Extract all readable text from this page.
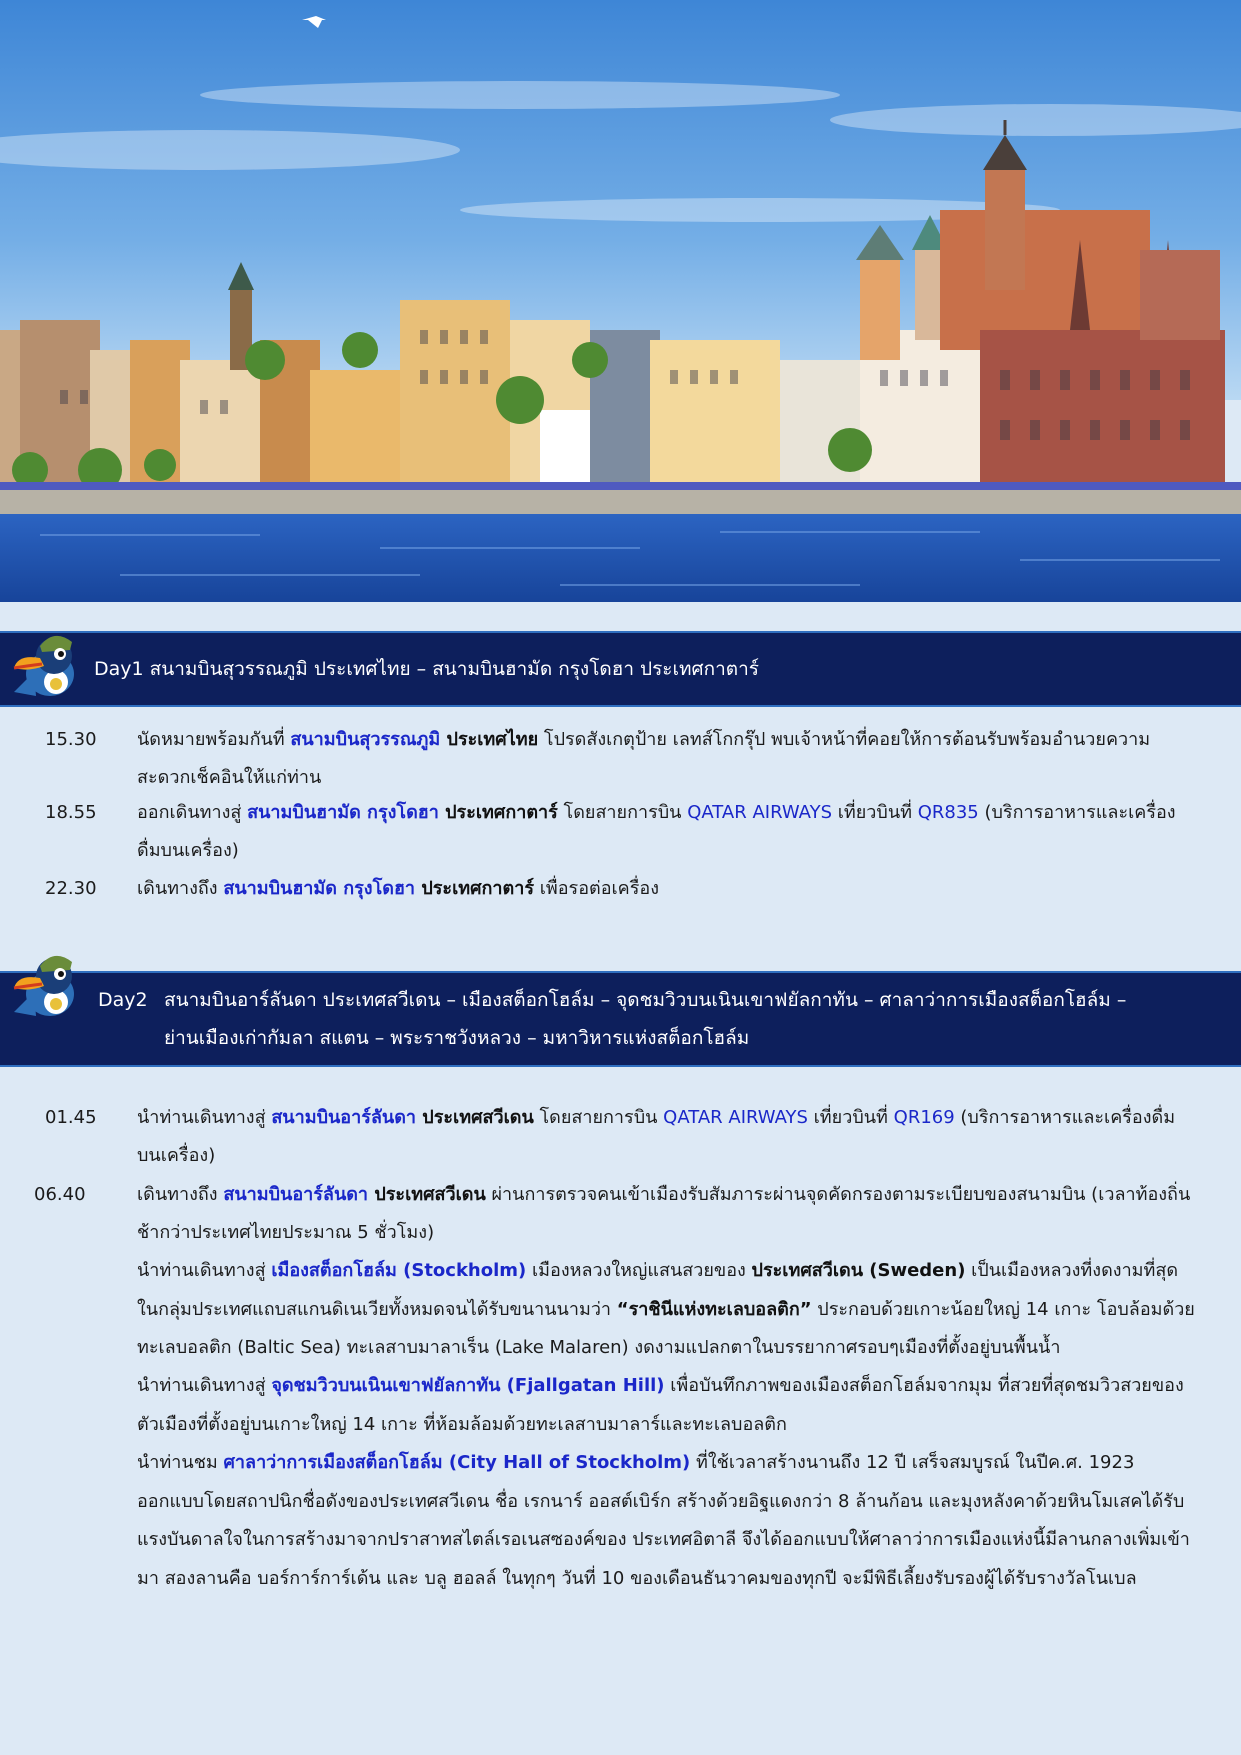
Day1 สนามบินสุวรรณภูมิ ประเทศไทย – สนามบินฮามัด กรุงโดฮา ประเทศกาตาร์
15.30 นัดหมายพร้อมกันที่ สนามบินสุวรรณภูมิ ประเทศไทย โปรดสังเกตุป้าย เลทส์โกกรุ๊ป พบเจ้าหน้าที่คอยให้การต้อนรับพร้อมอำนวยความสะดวกเช็คอินให้แก่ท่าน
18.55 ออกเดินทางสู่ สนามบินฮามัด กรุงโดฮา ประเทศกาตาร์ โดยสายการบิน QATAR AIRWAYS เที่ยวบินที่ QR835 (บริการอาหารและเครื่องดื่มบนเครื่อง)
22.30 เดินทางถึง สนามบินฮามัด กรุงโดฮา ประเทศกาตาร์ เพื่อรอต่อเครื่อง
Day2 สนามบินอาร์ลันดา ประเทศสวีเดน – เมืองสต็อกโฮล์ม – จุดชมวิวบนเนินเขาฟยัลกาทัน – ศาลาว่าการเมืองสต็อกโฮล์ม –
ย่านเมืองเก่ากัมลา สแตน – พระราชวังหลวง – มหาวิหารแห่งสต็อกโฮล์ม
01.45 นำท่านเดินทางสู่ สนามบินอาร์ลันดา ประเทศสวีเดน โดยสายการบิน QATAR AIRWAYS เที่ยวบินที่ QR169 (บริการอาหารและเครื่องดื่มบนเครื่อง)
06.40	เดินทางถึง สนามบินอาร์ลันดา ประเทศสวีเดน ผ่านการตรวจคนเข้าเมืองรับสัมภาระผ่านจุดคัดกรองตามระเบียบของสนามบิน (เวลาท้องถิ่นช้ากว่าประเทศไทยประมาณ 5 ชั่วโมง)
นำท่านเดินทางสู่ เมืองสต็อกโฮล์ม (Stockholm) เมืองหลวงใหญ่แสนสวยของ ประเทศสวีเดน (Sweden) เป็นเมืองหลวงที่งดงามที่สุดในกลุ่มประเทศแถบสแกนดิเนเวียทั้งหมดจนได้รับขนานนามว่า “ราชินีแห่งทะเลบอลติก” ประกอบด้วยเกาะน้อยใหญ่ 14 เกาะ โอบล้อมด้วยทะเลบอลติก (Baltic Sea) ทะเลสาบมาลาเร็น (Lake Malaren) งดงามแปลกตาในบรรยากาศรอบๆเมืองที่ตั้งอยู่บนพื้นน้ำ
นำท่านเดินทางสู่ จุดชมวิวบนเนินเขาฟยัลกาทัน (Fjallgatan Hill) เพื่อบันทึกภาพของเมืองสต็อกโฮล์มจากมุม ที่สวยที่สุดชมวิวสวยของตัวเมืองที่ตั้งอยู่บนเกาะใหญ่ 14 เกาะ ที่ห้อมล้อมด้วยทะเลสาบมาลาร์และทะเลบอลติก
นำท่านชม ศาลาว่าการเมืองสต็อกโฮล์ม (City Hall of Stockholm) ที่ใช้เวลาสร้างนานถึง 12 ปี เสร็จสมบูรณ์ ในปีค.ศ. 1923 ออกแบบโดยสถาปนิกชื่อดังของประเทศสวีเดน ชื่อ เรกนาร์ ออสต์เบิร์ก สร้างด้วยอิฐแดงกว่า 8 ล้านก้อน และมุงหลังคาด้วยหินโมเสคได้รับแรงบันดาลใจในการสร้างมาจากปราสาทสไตล์เรอเนสซองค์ของ ประเทศอิตาลี จึงได้ออกแบบให้ศาลาว่าการเมืองแห่งนี้มีลานกลางเพิ่มเข้ามา สองลานคือ บอร์การ์การ์เด้น และ บลู ฮอลล์ ในทุกๆ วันที่ 10 ของเดือนธันวาคมของทุกปี จะมีพิธีเลี้ยงรับรองผู้ได้รับรางวัลโนเบล
